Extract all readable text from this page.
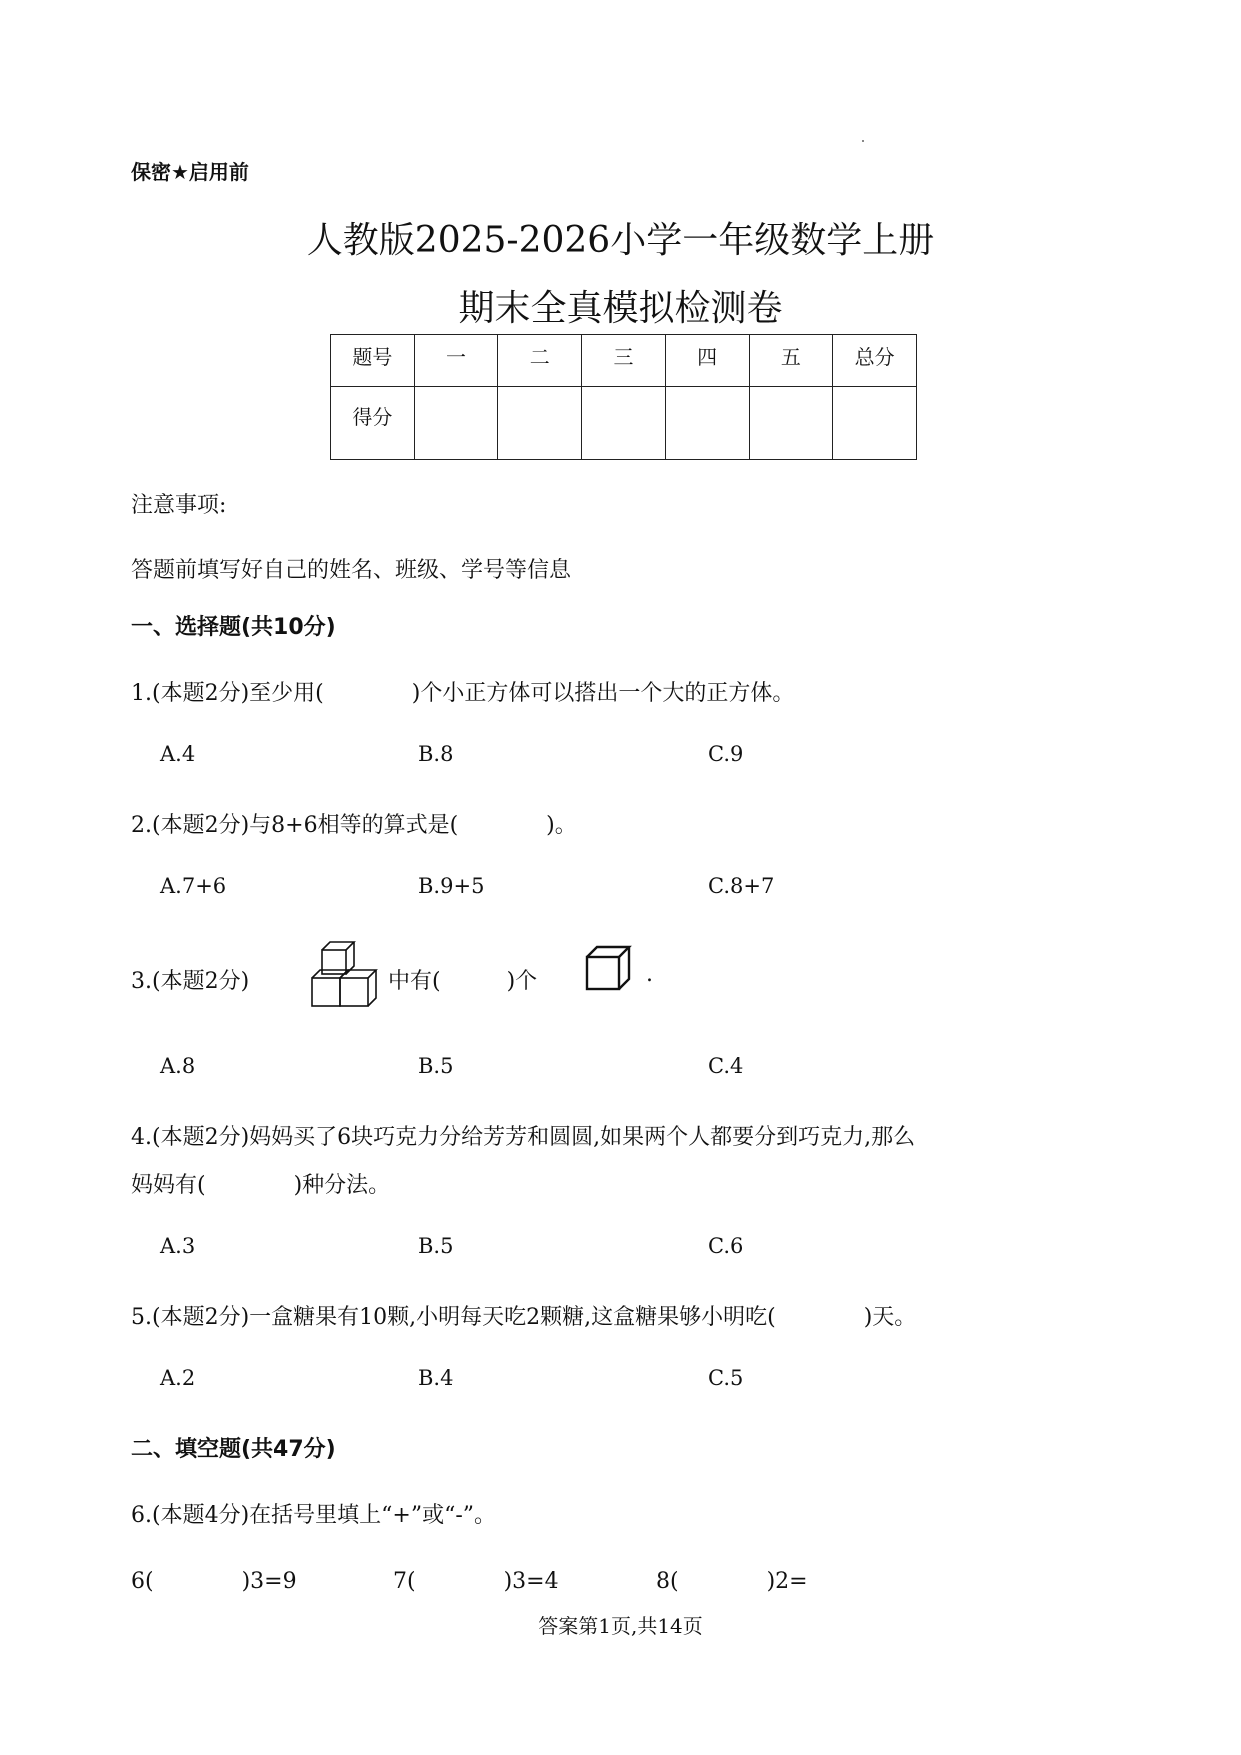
保密★启用前
人教版2025-2026小学一年级数学上册
期末全真模拟检测卷
题号	一	二	三	四	五	总分
得分						
注意事项:
答题前填写好自己的姓名、班级、学号等信息
一、选择题(共10分)
1.(本题2分)至少用(　　　　)个小正方体可以搭出一个大的正方体。
A.4	B.8	C.9
2.(本题2分)与8+6相等的算式是(　　　　)。
A.7+6	B.9+5	C.8+7
3.(本题2分)	中有(　　　)个	.
A.8	B.5	C.4
4.(本题2分)妈妈买了6块巧克力分给芳芳和圆圆,如果两个人都要分到巧克力,那么
妈妈有(　　　　)种分法。
A.3	B.5	C.6
5.(本题2分)一盒糖果有10颗,小明每天吃2颗糖,这盒糖果够小明吃(　　　　)天。
A.2	B.4	C.5
二、填空题(共47分)
6.(本题4分)在括号里填上“+”或“-”。
6(　　　　)3=9	7(　　　　)3=4	8(　　　　)2=
答案第1页,共14页
